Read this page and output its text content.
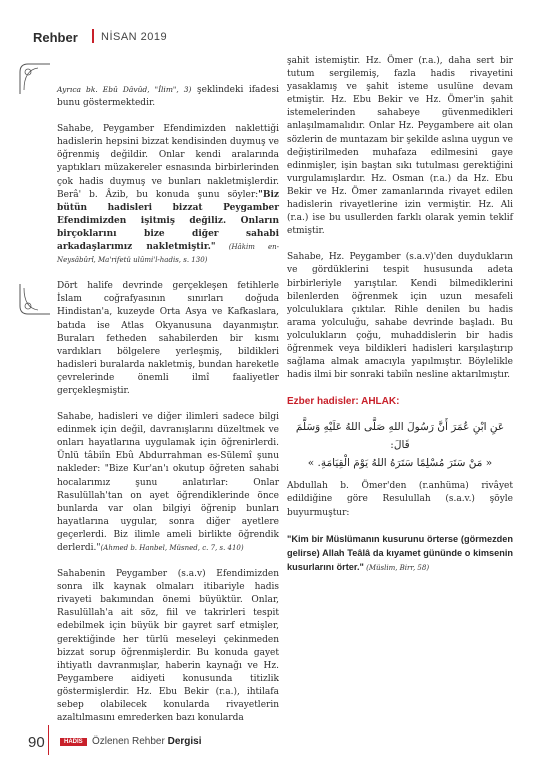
Rehber NİSAN 2019

Ayrıca bk. Ebû Dâvûd, "İlim", 3) şeklindeki ifadesi bunu göstermektedir.

Sahabe, Peygamber Efendimizden naklettiği hadislerin hepsini bizzat kendisinden duymuş ve öğrenmiş değildir. Onlar kendi aralarında yaptıkları müzakereler esnasında birbirlerinden çok hadis duymuş ve bunları nakletmişlerdir. Berâ' b. Âzib, bu konuda şunu söyler:"Biz bütün hadisleri bizzat Peygamber Efendimizden işitmiş değiliz. Onların birçoklarını bize diğer sahabi arkadaşlarımız nakletmiştir." (Hâkim en- Neysâbûrî, Ma'rifetü ulûmi'l-hadis, s. 130)

Dört halife devrinde gerçekleşen fetihlerle İslam coğrafyasının sınırları doğuda Hindistan'a, kuzeyde Orta Asya ve Kafkaslara, batıda ise Atlas Okyanusuna dayanmıştır. Buraları fetheden sahabilerden bir kısmı vardıkları bölgelere yerleşmiş, bildikleri hadisleri buralarda nakletmiş, bundan hareketle çevrelerinde önemli ilmî faaliyetler gerçekleşmiştir.

Sahabe, hadisleri ve diğer ilimleri sadece bilgi edinmek için değil, davranışlarını düzeltmek ve onları hayatlarına uygulamak için öğrenirlerdi. Ünlü tâbiîn Ebû Abdurrahman es-Sülemî şunu nakleder: "Bize Kur'an'ı okutup öğreten sahabi hocalarımız şunu anlatırlar: Onlar Rasulüllah'tan on ayet öğrendiklerinde önce bunlarda var olan bilgiyi öğrenip bunları hayatlarına uygular, sonra diğer ayetlere geçerlerdi. Biz ilimle ameli birlikte öğrendik derlerdi."(Ahmed b. Hanbel, Müsned, c. 7, s. 410)

Sahabenin Peygamber (s.a.v) Efendimizden sonra ilk kaynak olmaları itibariyle hadis rivayeti bakımından önemi büyüktür. Onlar, Rasulüllah'a ait söz, fiil ve takrirleri tespit edebilmek için büyük bir gayret sarf etmişler, gerektiğinde her türlü meseleyi çekinmeden bizzat sorup öğrenmişlerdir. Bu konuda gayet ihtiyatlı davranmışlar, haberin kaynağı ve Hz. Peygambere aidiyeti konusunda titizlik göstermişlerdir. Hz. Ebu Bekir (r.a.), ihtilafa sebep olabilecek konularda rivayetlerin azaltılmasını emrederken bazı konularda

şahit istemiştir. Hz. Ömer (r.a.), daha sert bir tutum sergilemiş, fazla hadis rivayetini yasaklamış ve şahit isteme usulüne devam etmiştir. Hz. Ebu Bekir ve Hz. Ömer'in şahit istemelerinden sahabeye güvenmedikleri anlaşılmamalıdır. Onlar Hz. Peygambere ait olan sözlerin de muntazam bir şekilde aslına uygun ve değiştirilmeden muhafaza edilmesini gaye edinmişler, işin baştan sıkı tutulması gerektiğini vurgulamışlardır. Hz. Osman (r.a.) da Hz. Ebu Bekir ve Hz. Ömer zamanlarında rivayet edilen hadislerin rivayetlerine izin vermiştir. Hz. Ali (r.a.) ise bu usullerden farklı olarak yemin teklif etmiştir.

Sahabe, Hz. Peygamber (s.a.v)'den duydukların ve gördüklerini tespit hususunda adeta birbirleriyle yarıştılar. Kendi bilmediklerini bilenlerden öğrenmek için uzun mesafeli yolculuklara çıktılar. Rihle denilen bu hadis arama yolculuğu, sahabe devrinde başladı. Bu yolculukların çoğu, muhaddislerin bir hadis öğrenmek veya bildikleri hadisleri karşılaştırıp sağlama almak amacıyla yapılmıştır. Böylelikle hadis ilmi bir sonraki tabiîn nesline aktarılmıştır.

Ezber hadisler: AHLAK:

عَنِ ابْنِ عُمَرَ أَنَّ رَسُولَ اللهِ صَلَّى اللهُ عَلَيْهِ وَسَلَّمَ قَالَ:
« مَنْ سَتَرَ مُسْلِمًا سَتَرَهُ اللهُ يَوْمَ الْقِيَامَةِ. »

Abdullah b. Ömer'den (r.anhüma) rivâyet edildiğine göre Resulullah (s.a.v.) şöyle buyurmuştur:

"Kim bir Müslümanın kusurunu örterse (görmezden gelirse) Allah Teâlâ da kıyamet gününde o kimsenin kusurlarını örter." (Müslim, Birr, 58)

90	HADİS Özlenen Rehber Dergisi
